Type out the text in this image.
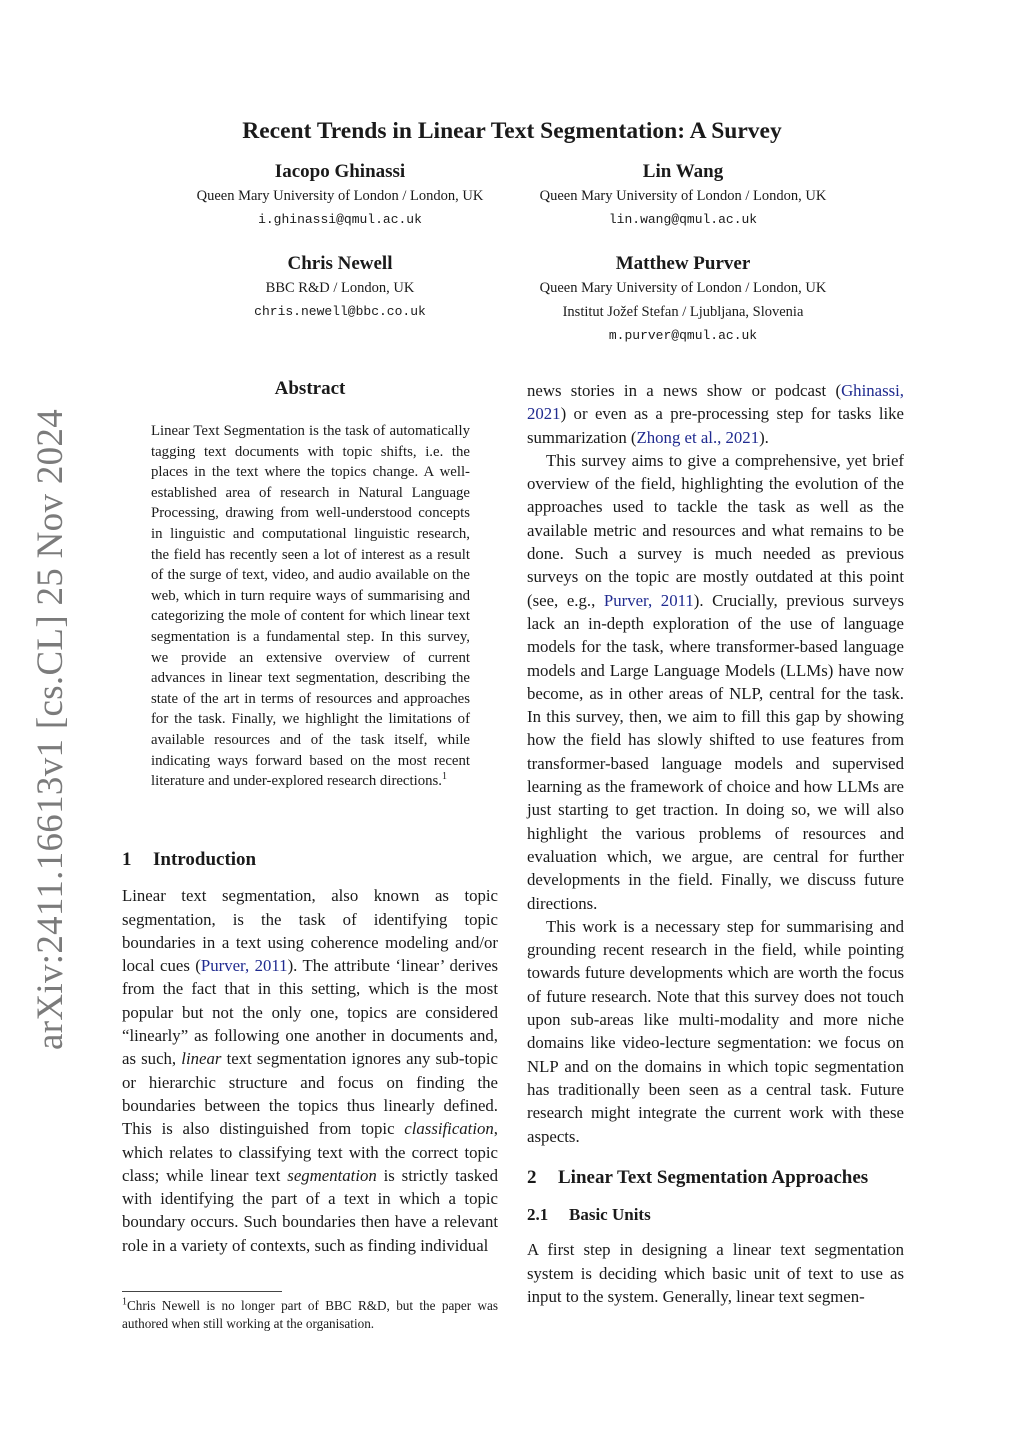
arXiv:2411.16613v1 [cs.CL] 25 Nov 2024
Recent Trends in Linear Text Segmentation: A Survey
Iacopo Ghinassi
Queen Mary University of London / London, UK
i.ghinassi@qmul.ac.uk
Lin Wang
Queen Mary University of London / London, UK
lin.wang@qmul.ac.uk
Chris Newell
BBC R&D / London, UK
chris.newell@bbc.co.uk
Matthew Purver
Queen Mary University of London / London, UK
Institut Jožef Stefan / Ljubljana, Slovenia
m.purver@qmul.ac.uk
Abstract
Linear Text Segmentation is the task of automatically tagging text documents with topic shifts, i.e. the places in the text where the topics change. A well-established area of research in Natural Language Processing, drawing from well-understood concepts in linguistic and computational linguistic research, the field has recently seen a lot of interest as a result of the surge of text, video, and audio available on the web, which in turn require ways of summarising and categorizing the mole of content for which linear text segmentation is a fundamental step. In this survey, we provide an extensive overview of current advances in linear text segmentation, describing the state of the art in terms of resources and approaches for the task. Finally, we highlight the limitations of available resources and of the task itself, while indicating ways forward based on the most recent literature and under-explored research directions.$^1$
1 Introduction

Linear text segmentation, also known as topic segmentation, is the task of identifying topic boundaries in a text using coherence modeling and/or local cues (Purver, 2011). The attribute ‘linear’ derives from the fact that in this setting, which is the most popular but not the only one, topics are considered “linearly” as following one another in documents and, as such, linear text segmentation ignores any sub-topic or hierarchic structure and focus on finding the boundaries between the topics thus linearly defined. This is also distinguished from topic classification, which relates to classifying text with the correct topic class; while linear text segmentation is strictly tasked with identifying the part of a text in which a topic boundary occurs. Such boundaries then have a relevant role in a variety of contexts, such as finding individual

$^1$Chris Newell is no longer part of BBC R&D, but the paper was authored when still working at the organisation.

news stories in a news show or podcast (Ghinassi, 2021) or even as a pre-processing step for tasks like summarization (Zhong et al., 2021).

This survey aims to give a comprehensive, yet brief overview of the field, highlighting the evolution of the approaches used to tackle the task as well as the available metric and resources and what remains to be done. Such a survey is much needed as previous surveys on the topic are mostly outdated at this point (see, e.g., Purver, 2011). Crucially, previous surveys lack an in-depth exploration of the use of language models for the task, where transformer-based language models and Large Language Models (LLMs) have now become, as in other areas of NLP, central for the task. In this survey, then, we aim to fill this gap by showing how the field has slowly shifted to use features from transformer-based language models and supervised learning as the framework of choice and how LLMs are just starting to get traction. In doing so, we will also highlight the various problems of resources and evaluation which, we argue, are central for further developments in the field. Finally, we discuss future directions.

This work is a necessary step for summarising and grounding recent research in the field, while pointing towards future developments which are worth the focus of future research. Note that this survey does not touch upon sub-areas like multi-modality and more niche domains like video-lecture segmentation: we focus on NLP and on the domains in which topic segmentation has traditionally been seen as a central task. Future research might integrate the current work with these aspects.

2 Linear Text Segmentation Approaches
2.1 Basic Units

A first step in designing a linear text segmentation system is deciding which basic unit of text to use as input to the system. Generally, linear text segmen-
